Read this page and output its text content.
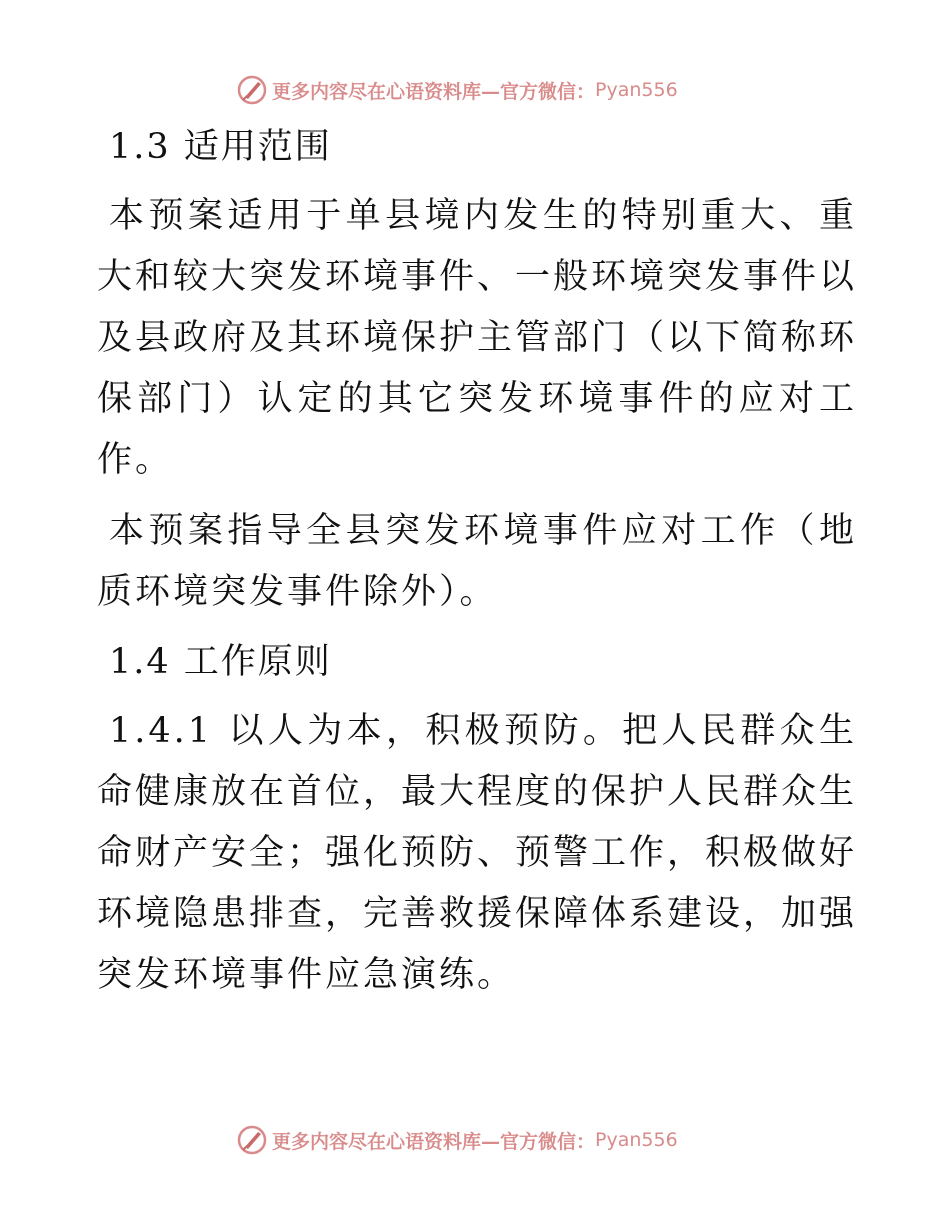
更多内容尽在心语资料库—官方微信： Pyan556
1.3 适用范围
本预案适用于单县境内发生的特别重大、重大和较大突发环境事件、一般环境突发事件以及县政府及其环境保护主管部门（以下简称环保部门）认定的其它突发环境事件的应对工作。
本预案指导全县突发环境事件应对工作（地质环境突发事件除外）。
1.4 工作原则
1.4.1 以人为本，积极预防。把人民群众生命健康放在首位，最大程度的保护人民群众生命财产安全；强化预防、预警工作，积极做好环境隐患排查，完善救援保障体系建设，加强突发环境事件应急演练。
更多内容尽在心语资料库—官方微信： Pyan556
